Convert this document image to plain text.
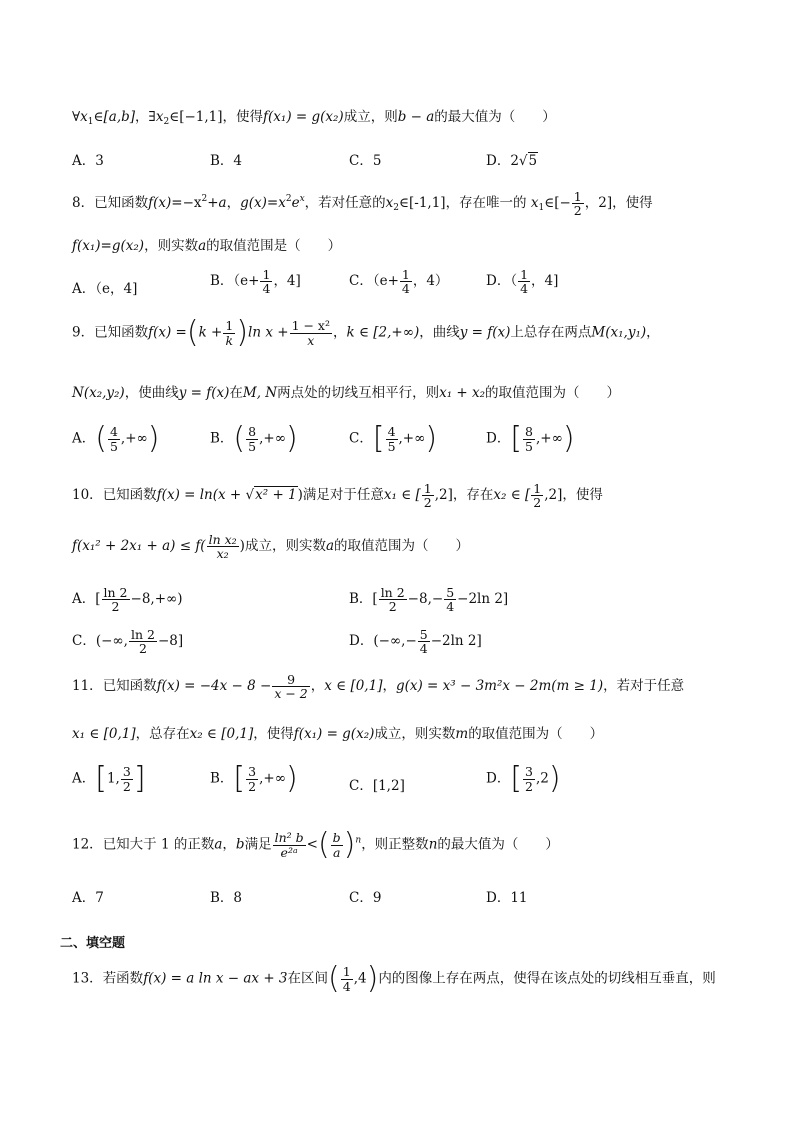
$\forall x_1\in[a,b]$，$\exists x_2\in[-1,1]$，使得f(x₁) = g(x₂)成立，则b − a的最大值为（　　）
A．3	B．4	C．5	D．2√5
8．已知函数$f(x)=-x^2+a$，$g(x)=x^2e^x$，若对任意的$x_2\in[-1,1]$，存在唯一的 $x_1\in[- \frac{1}{2}$ ，2]，使得
f(x₁)=g(x₂)，则实数a的取值范围是（　　）
A．（e，4]	B．（$e+ \frac{1}{4}$ ，4]	C．（$e+ \frac{1}{4}$ ，4）	D．（ $\frac{1}{4}$ ，4]
9．已知函数$f(x) =(k + \frac{1}{k} )\ln$ $x + \frac{\text{1 − x²}}{x}$ ，k ∈ [2,+∞)，曲线y = f(x)上总存在两点M(x₁,y₁)，
N(x₂,y₂)，使曲线y = f(x)在M, N两点处的切线互相平行，则x₁ + x₂的取值范围为（　　）
A．( $\frac{4}{5}$ ,+∞)	B．( $\frac{8}{5}$ ,+∞)	C．[ $\frac{4}{5}$ ,+∞)	D．[ $\frac{8}{5}$ ,+∞)
10．已知函数f(x) = ln(x + √x² + 1)满足对于任意x₁ ∈ [ $\frac{1}{2} ,2$]，存在x₂ ∈ [ $\frac{1}{2} ,2$]，使得
$f(x_1^2 + 2x_1 + a) \le f( \frac{\text{ln x₂}}{\text{x₂}}$ )成立，则实数a的取值范围为（　　）
A．[ $\frac{\ln 2}{2} -8,+\infty$)	B．[ $\frac{\ln 2}{2} -8,- \frac{5}{4} -2\ln$ 2]
C．(−∞, $\frac{\ln 2}{2} -8$]	D．(−∞,− $\frac{5}{4} -2\ln$ 2]
11．已知函数$f(x) = -4x - 8 - \frac{9}{x - 2}$ ，x ∈ [0,1]，g(x) = x³ − 3m²x − 2m(m ≥ 1)，若对于任意
x₁ ∈ [0,1]，总存在x₂ ∈ [0,1]，使得f(x₁) = g(x₂)成立，则实数m的取值范围为（　　）
A．[1, $\frac{3}{2}$ ]	B．[ $\frac{3}{2}$ ,+∞)	C．[1,2]	D．[ $\frac{3}{2} ,2$)
12．已知大于 1 的正数a，b满足 $\frac{\text{ln² b}}{\text{e²ᵃ}}$ <( $\frac{b}{a} )^n$，则正整数n的最大值为（　　）
A．7	B．8	C．9	D．11
二、填空题
13．若函数f(x) = a ln x − ax + 3在区间( $\frac{1}{4} ,4$)内的图像上存在两点，使得在该点处的切线相互垂直，则
